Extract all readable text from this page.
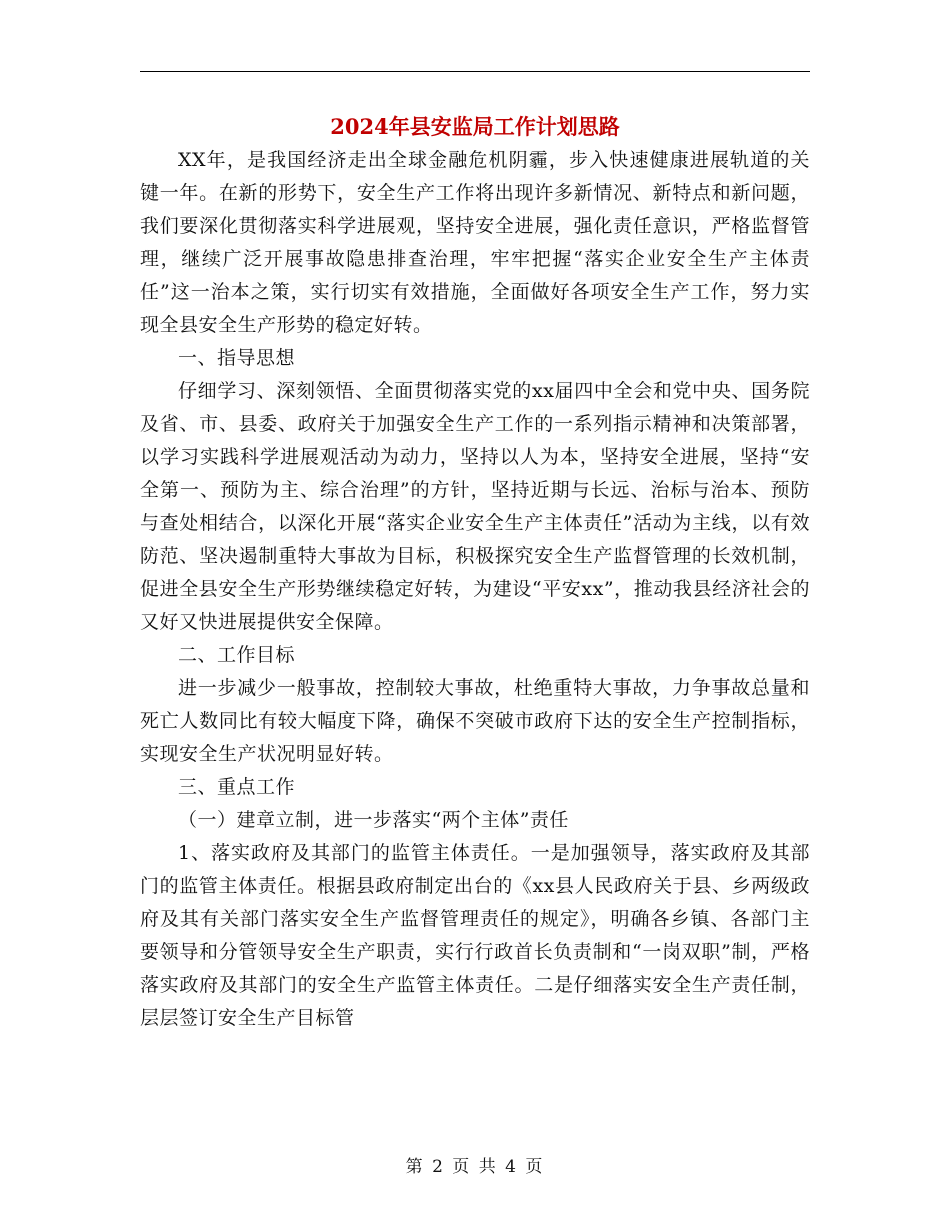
2024年县安监局工作计划思路

XX年，是我国经济走出全球金融危机阴霾，步入快速健康进展轨道的关键一年。在新的形势下，安全生产工作将出现许多新情况、新特点和新问题，我们要深化贯彻落实科学进展观，坚持安全进展，强化责任意识，严格监督管理，继续广泛开展事故隐患排查治理，牢牢把握“落实企业安全生产主体责任”这一治本之策，实行切实有效措施，全面做好各项安全生产工作，努力实现全县安全生产形势的稳定好转。

一、指导思想

仔细学习、深刻领悟、全面贯彻落实党的xx届四中全会和党中央、国务院及省、市、县委、政府关于加强安全生产工作的一系列指示精神和决策部署，以学习实践科学进展观活动为动力，坚持以人为本，坚持安全进展，坚持“安全第一、预防为主、综合治理”的方针，坚持近期与长远、治标与治本、预防与查处相结合，以深化开展“落实企业安全生产主体责任”活动为主线，以有效防范、坚决遏制重特大事故为目标，积极探究安全生产监督管理的长效机制，促进全县安全生产形势继续稳定好转，为建设“平安xx”，推动我县经济社会的又好又快进展提供安全保障。

二、工作目标

进一步减少一般事故，控制较大事故，杜绝重特大事故，力争事故总量和死亡人数同比有较大幅度下降，确保不突破市政府下达的安全生产控制指标，实现安全生产状况明显好转。

三、重点工作

（一）建章立制，进一步落实“两个主体”责任

1、落实政府及其部门的监管主体责任。一是加强领导，落实政府及其部门的监管主体责任。根据县政府制定出台的《xx县人民政府关于县、乡两级政府及其有关部门落实安全生产监督管理责任的规定》，明确各乡镇、各部门主要领导和分管领导安全生产职责，实行行政首长负责制和“一岗双职”制，严格落实政府及其部门的安全生产监管主体责任。二是仔细落实安全生产责任制，层层签订安全生产目标管

第 2 页 共 4 页
